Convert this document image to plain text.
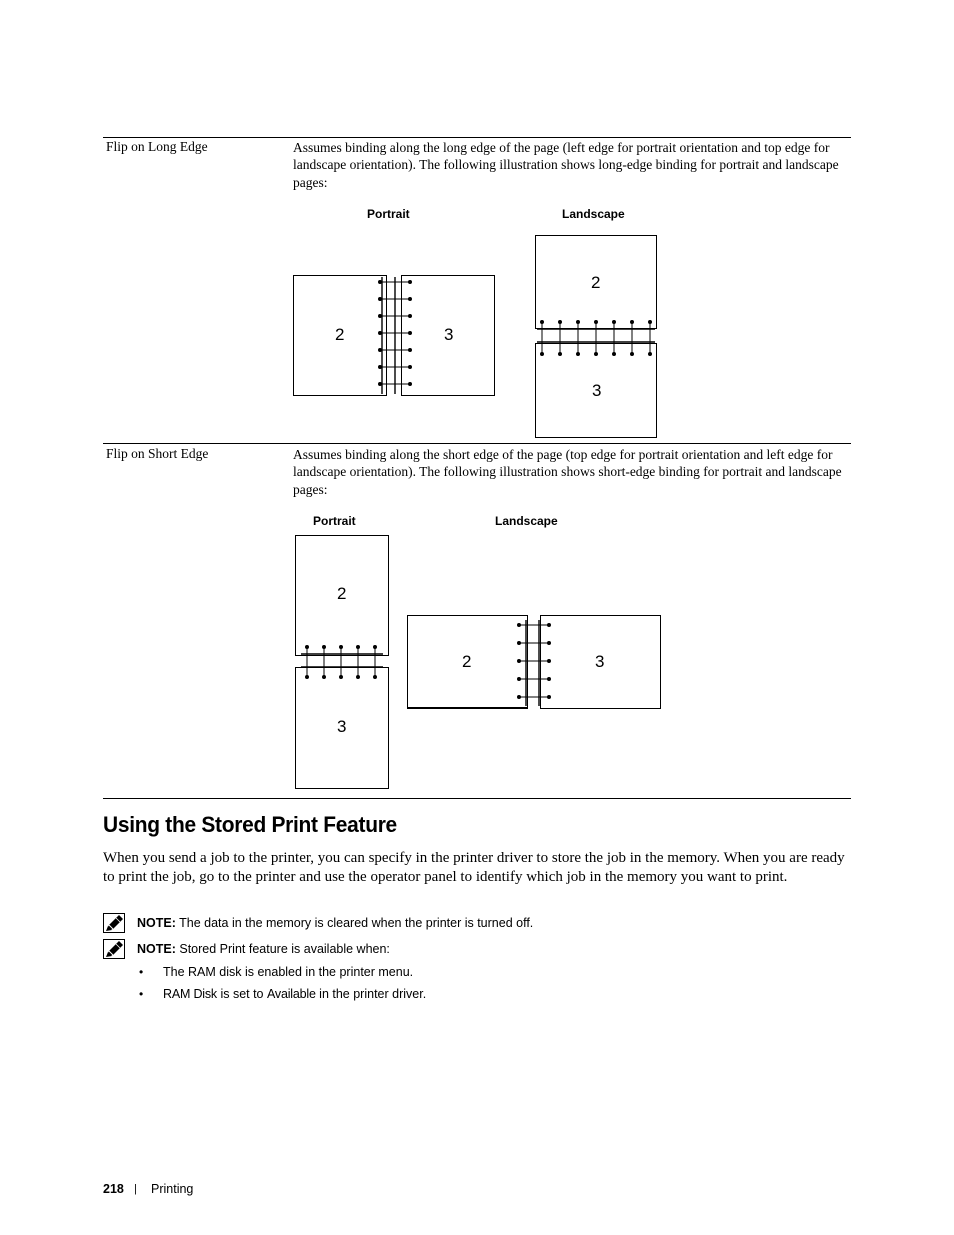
Flip on Long Edge	Assumes binding along the long edge of the page (left edge for portrait orientation and top edge for landscape orientation). The following illustration shows long-edge binding for portrait and landscape pages:
Portrait	Landscape
2	3
2
3
Flip on Short Edge	Assumes binding along the short edge of the page (top edge for portrait orientation and left edge for landscape orientation). The following illustration shows short-edge binding for portrait and landscape pages:
Portrait	Landscape
2
3
2	3
Using the Stored Print Feature
When you send a job to the printer, you can specify in the printer driver to store the job in the memory. When you are ready to print the job, go to the printer and use the operator panel to identify which job in the memory you want to print.
NOTE: The data in the memory is cleared when the printer is turned off.
NOTE: Stored Print feature is available when:
• The RAM disk is enabled in the printer menu.
• RAM Disk is set to Available in the printer driver.
218 | Printing
